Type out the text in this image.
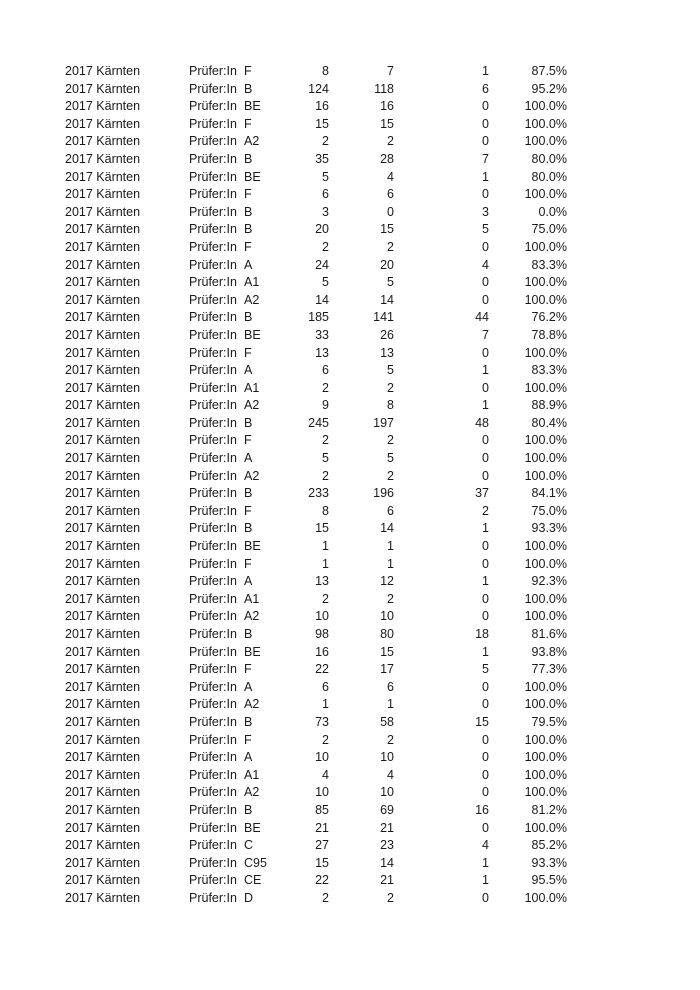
2017 Kärnten	Prüfer:In F	8	7	1	87.5%
2017 Kärnten	Prüfer:In B	124	118	6	95.2%
2017 Kärnten	Prüfer:In BE	16	16	0	100.0%
2017 Kärnten	Prüfer:In F	15	15	0	100.0%
2017 Kärnten	Prüfer:In A2	2	2	0	100.0%
2017 Kärnten	Prüfer:In B	35	28	7	80.0%
2017 Kärnten	Prüfer:In BE	5	4	1	80.0%
2017 Kärnten	Prüfer:In F	6	6	0	100.0%
2017 Kärnten	Prüfer:In B	3	0	3	0.0%
2017 Kärnten	Prüfer:In B	20	15	5	75.0%
2017 Kärnten	Prüfer:In F	2	2	0	100.0%
2017 Kärnten	Prüfer:In A	24	20	4	83.3%
2017 Kärnten	Prüfer:In A1	5	5	0	100.0%
2017 Kärnten	Prüfer:In A2	14	14	0	100.0%
2017 Kärnten	Prüfer:In B	185	141	44	76.2%
2017 Kärnten	Prüfer:In BE	33	26	7	78.8%
2017 Kärnten	Prüfer:In F	13	13	0	100.0%
2017 Kärnten	Prüfer:In A	6	5	1	83.3%
2017 Kärnten	Prüfer:In A1	2	2	0	100.0%
2017 Kärnten	Prüfer:In A2	9	8	1	88.9%
2017 Kärnten	Prüfer:In B	245	197	48	80.4%
2017 Kärnten	Prüfer:In F	2	2	0	100.0%
2017 Kärnten	Prüfer:In A	5	5	0	100.0%
2017 Kärnten	Prüfer:In A2	2	2	0	100.0%
2017 Kärnten	Prüfer:In B	233	196	37	84.1%
2017 Kärnten	Prüfer:In F	8	6	2	75.0%
2017 Kärnten	Prüfer:In B	15	14	1	93.3%
2017 Kärnten	Prüfer:In BE	1	1	0	100.0%
2017 Kärnten	Prüfer:In F	1	1	0	100.0%
2017 Kärnten	Prüfer:In A	13	12	1	92.3%
2017 Kärnten	Prüfer:In A1	2	2	0	100.0%
2017 Kärnten	Prüfer:In A2	10	10	0	100.0%
2017 Kärnten	Prüfer:In B	98	80	18	81.6%
2017 Kärnten	Prüfer:In BE	16	15	1	93.8%
2017 Kärnten	Prüfer:In F	22	17	5	77.3%
2017 Kärnten	Prüfer:In A	6	6	0	100.0%
2017 Kärnten	Prüfer:In A2	1	1	0	100.0%
2017 Kärnten	Prüfer:In B	73	58	15	79.5%
2017 Kärnten	Prüfer:In F	2	2	0	100.0%
2017 Kärnten	Prüfer:In A	10	10	0	100.0%
2017 Kärnten	Prüfer:In A1	4	4	0	100.0%
2017 Kärnten	Prüfer:In A2	10	10	0	100.0%
2017 Kärnten	Prüfer:In B	85	69	16	81.2%
2017 Kärnten	Prüfer:In BE	21	21	0	100.0%
2017 Kärnten	Prüfer:In C	27	23	4	85.2%
2017 Kärnten	Prüfer:In C95	15	14	1	93.3%
2017 Kärnten	Prüfer:In CE	22	21	1	95.5%
2017 Kärnten	Prüfer:In D	2	2	0	100.0%
